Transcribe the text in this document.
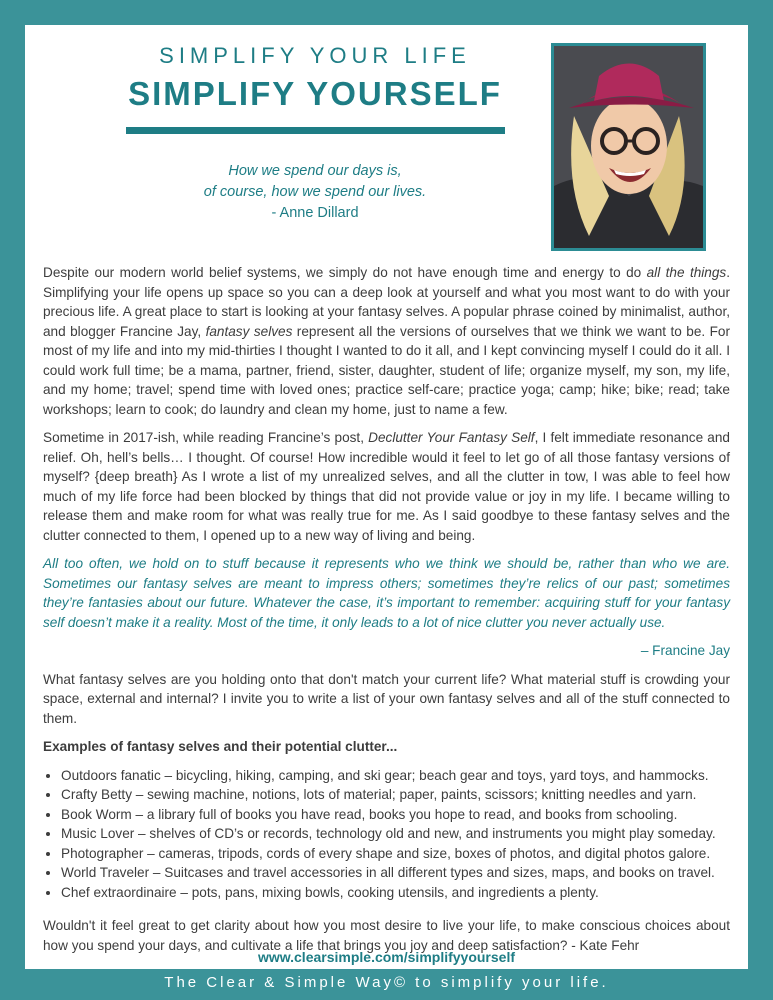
SIMPLIFY YOUR LIFE
SIMPLIFY YOURSELF
How we spend our days is,
of course, how we spend our lives.
- Anne Dillard

Despite our modern world belief systems, we simply do not have enough time and energy to do all the things. Simplifying your life opens up space so you can a deep look at yourself and what you most want to do with your precious life. A great place to start is looking at your fantasy selves. A popular phrase coined by minimalist, author, and blogger Francine Jay, fantasy selves represent all the versions of ourselves that we think we want to be. For most of my life and into my mid-thirties I thought I wanted to do it all, and I kept convincing myself I could do it all. I could work full time; be a mama, partner, friend, sister, daughter, student of life; organize myself, my son, my life, and my home; travel; spend time with loved ones; practice self-care; practice yoga; camp; hike; bike; read; take workshops; learn to cook; do laundry and clean my home, just to name a few.

Sometime in 2017-ish, while reading Francine’s post, Declutter Your Fantasy Self, I felt immediate resonance and relief. Oh, hell’s bells… I thought. Of course! How incredible would it feel to let go of all those fantasy versions of myself? {deep breath} As I wrote a list of my unrealized selves, and all the clutter in tow, I was able to feel how much of my life force had been blocked by things that did not provide value or joy in my life. I became willing to release them and make room for what was really true for me. As I said goodbye to these fantasy selves and the clutter connected to them, I opened up to a new way of living and being.

All too often, we hold on to stuff because it represents who we think we should be, rather than who we are. Sometimes our fantasy selves are meant to impress others; sometimes they’re relics of our past; sometimes they’re fantasies about our future. Whatever the case, it’s important to remember: acquiring stuff for your fantasy self doesn’t make it a reality. Most of the time, it only leads to a lot of nice clutter you never actually use.

– Francine Jay

What fantasy selves are you holding onto that don't match your current life? What material stuff is crowding your space, external and internal? I invite you to write a list of your own fantasy selves and all of the stuff connected to them.

Examples of fantasy selves and their potential clutter...

• Outdoors fanatic – bicycling, hiking, camping, and ski gear; beach gear and toys, yard toys, and hammocks.
• Crafty Betty – sewing machine, notions, lots of material; paper, paints, scissors; knitting needles and yarn.
• Book Worm – a library full of books you have read, books you hope to read, and books from schooling.
• Music Lover – shelves of CD’s or records, technology old and new, and instruments you might play someday.
• Photographer – cameras, tripods, cords of every shape and size, boxes of photos, and digital photos galore.
• World Traveler – Suitcases and travel accessories in all different types and sizes, maps, and books on travel.
• Chef extraordinaire – pots, pans, mixing bowls, cooking utensils, and ingredients a plenty.

Wouldn't it feel great to get clarity about how you most desire to live your life, to make conscious choices about how you spend your days, and cultivate a life that brings you joy and deep satisfaction? - Kate Fehr

www.clearsimple.com/simplifyyourself
The Clear & Simple Way© to simplify your life.
